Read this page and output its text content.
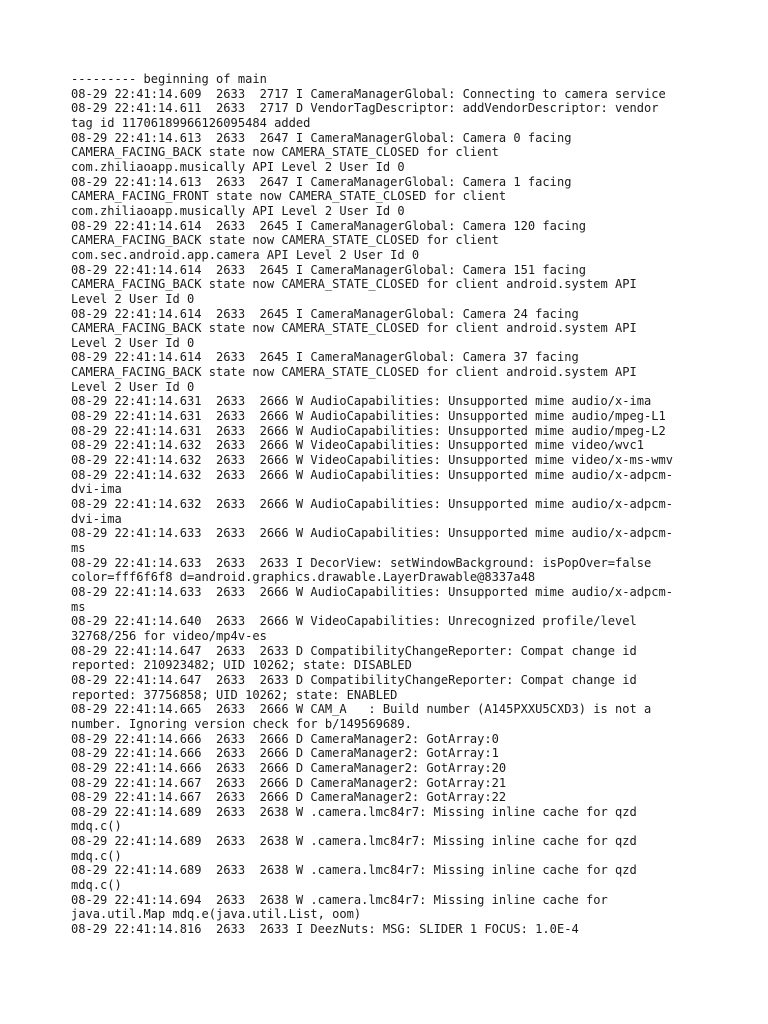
--------- beginning of main
08-29 22:41:14.609  2633  2717 I CameraManagerGlobal: Connecting to camera service
08-29 22:41:14.611  2633  2717 D VendorTagDescriptor: addVendorDescriptor: vendor
tag id 11706189966126095484 added
08-29 22:41:14.613  2633  2647 I CameraManagerGlobal: Camera 0 facing
CAMERA_FACING_BACK state now CAMERA_STATE_CLOSED for client
com.zhiliaoapp.musically API Level 2 User Id 0
08-29 22:41:14.613  2633  2647 I CameraManagerGlobal: Camera 1 facing
CAMERA_FACING_FRONT state now CAMERA_STATE_CLOSED for client
com.zhiliaoapp.musically API Level 2 User Id 0
08-29 22:41:14.614  2633  2645 I CameraManagerGlobal: Camera 120 facing
CAMERA_FACING_BACK state now CAMERA_STATE_CLOSED for client
com.sec.android.app.camera API Level 2 User Id 0
08-29 22:41:14.614  2633  2645 I CameraManagerGlobal: Camera 151 facing
CAMERA_FACING_BACK state now CAMERA_STATE_CLOSED for client android.system API
Level 2 User Id 0
08-29 22:41:14.614  2633  2645 I CameraManagerGlobal: Camera 24 facing
CAMERA_FACING_BACK state now CAMERA_STATE_CLOSED for client android.system API
Level 2 User Id 0
08-29 22:41:14.614  2633  2645 I CameraManagerGlobal: Camera 37 facing
CAMERA_FACING_BACK state now CAMERA_STATE_CLOSED for client android.system API
Level 2 User Id 0
08-29 22:41:14.631  2633  2666 W AudioCapabilities: Unsupported mime audio/x-ima
08-29 22:41:14.631  2633  2666 W AudioCapabilities: Unsupported mime audio/mpeg-L1
08-29 22:41:14.631  2633  2666 W AudioCapabilities: Unsupported mime audio/mpeg-L2
08-29 22:41:14.632  2633  2666 W VideoCapabilities: Unsupported mime video/wvc1
08-29 22:41:14.632  2633  2666 W VideoCapabilities: Unsupported mime video/x-ms-wmv
08-29 22:41:14.632  2633  2666 W AudioCapabilities: Unsupported mime audio/x-adpcm-
dvi-ima
08-29 22:41:14.632  2633  2666 W AudioCapabilities: Unsupported mime audio/x-adpcm-
dvi-ima
08-29 22:41:14.633  2633  2666 W AudioCapabilities: Unsupported mime audio/x-adpcm-
ms
08-29 22:41:14.633  2633  2633 I DecorView: setWindowBackground: isPopOver=false
color=fff6f6f8 d=android.graphics.drawable.LayerDrawable@8337a48
08-29 22:41:14.633  2633  2666 W AudioCapabilities: Unsupported mime audio/x-adpcm-
ms
08-29 22:41:14.640  2633  2666 W VideoCapabilities: Unrecognized profile/level
32768/256 for video/mp4v-es
08-29 22:41:14.647  2633  2633 D CompatibilityChangeReporter: Compat change id
reported: 210923482; UID 10262; state: DISABLED
08-29 22:41:14.647  2633  2633 D CompatibilityChangeReporter: Compat change id
reported: 37756858; UID 10262; state: ENABLED
08-29 22:41:14.665  2633  2666 W CAM_A   : Build number (A145PXXU5CXD3) is not a
number. Ignoring version check for b/149569689.
08-29 22:41:14.666  2633  2666 D CameraManager2: GotArray:0
08-29 22:41:14.666  2633  2666 D CameraManager2: GotArray:1
08-29 22:41:14.666  2633  2666 D CameraManager2: GotArray:20
08-29 22:41:14.667  2633  2666 D CameraManager2: GotArray:21
08-29 22:41:14.667  2633  2666 D CameraManager2: GotArray:22
08-29 22:41:14.689  2633  2638 W .camera.lmc84r7: Missing inline cache for qzd
mdq.c()
08-29 22:41:14.689  2633  2638 W .camera.lmc84r7: Missing inline cache for qzd
mdq.c()
08-29 22:41:14.689  2633  2638 W .camera.lmc84r7: Missing inline cache for qzd
mdq.c()
08-29 22:41:14.694  2633  2638 W .camera.lmc84r7: Missing inline cache for
java.util.Map mdq.e(java.util.List, oom)
08-29 22:41:14.816  2633  2633 I DeezNuts: MSG: SLIDER 1 FOCUS: 1.0E-4
